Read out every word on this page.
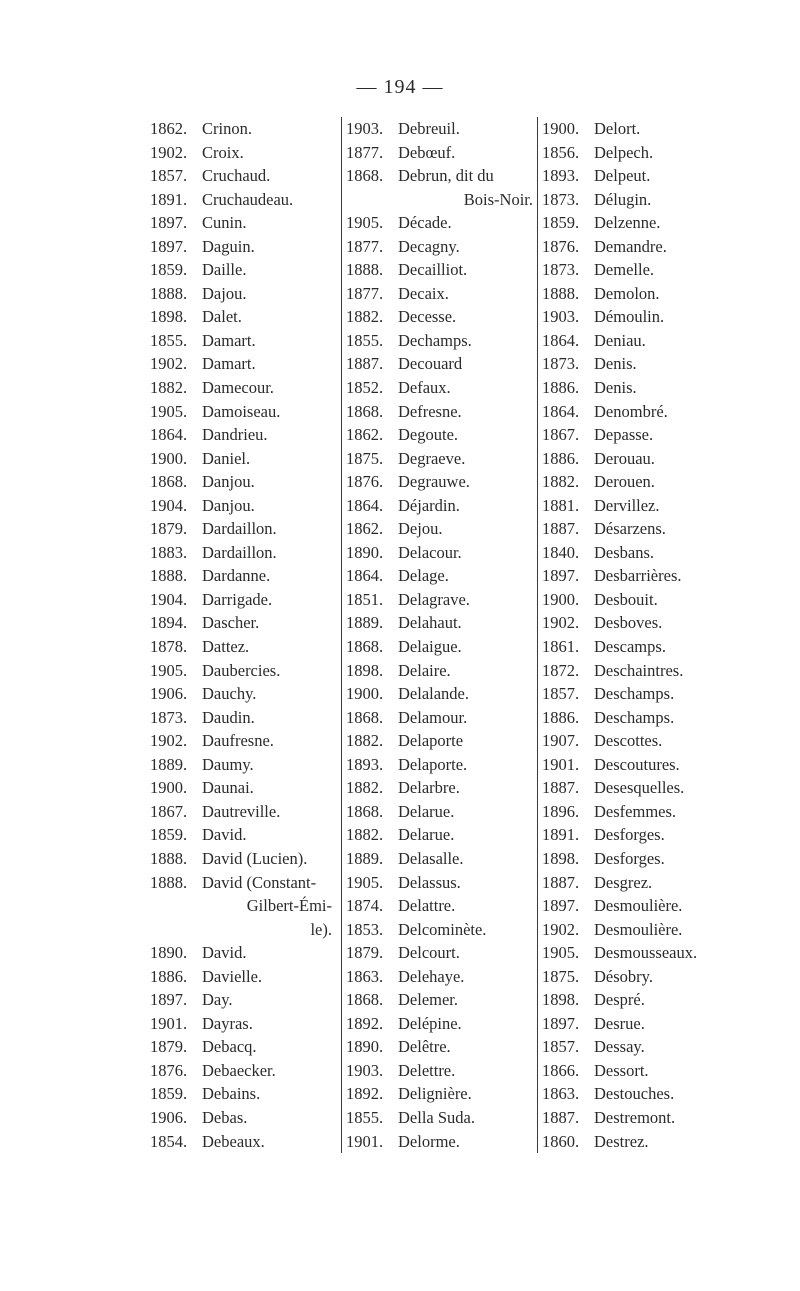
— 194 —
1862. Crinon.
1902. Croix.
1857. Cruchaud.
1891. Cruchaudeau.
1897. Cunin.
1897. Daguin.
1859. Daille.
1888. Dajou.
1898. Dalet.
1855. Damart.
1902. Damart.
1882. Damecour.
1905. Damoiseau.
1864. Dandrieu.
1900. Daniel.
1868. Danjou.
1904. Danjou.
1879. Dardaillon.
1883. Dardaillon.
1888. Dardanne.
1904. Darrigade.
1894. Dascher.
1878. Dattez.
1905. Daubercies.
1906. Dauchy.
1873. Daudin.
1902. Daufresne.
1889. Daumy.
1900. Daunai.
1867. Dautreville.
1859. David.
1888. David (Lucien).
1888. David (Constant-
Gilbert-Émi-
le).
1890. David.
1886. Davielle.
1897. Day.
1901. Dayras.
1879. Debacq.
1876. Debaecker.
1859. Debains.
1906. Debas.
1854. Debeaux.
1903. Debreuil.
1877. Debœuf.
1868. Debrun, dit du
Bois-Noir.
1905. Décade.
1877. Decagny.
1888. Decailliot.
1877. Decaix.
1882. Decesse.
1855. Dechamps.
1887. Decouard
1852. Defaux.
1868. Defresne.
1862. Degoute.
1875. Degraeve.
1876. Degrauwe.
1864. Déjardin.
1862. Dejou.
1890. Delacour.
1864. Delage.
1851. Delagrave.
1889. Delahaut.
1868. Delaigue.
1898. Delaire.
1900. Delalande.
1868. Delamour.
1882. Delaporte
1893. Delaporte.
1882. Delarbre.
1868. Delarue.
1882. Delarue.
1889. Delasalle.
1905. Delassus.
1874. Delattre.
1853. Delcominète.
1879. Delcourt.
1863. Delehaye.
1868. Delemer.
1892. Delépine.
1890. Delêtre.
1903. Delettre.
1892. Delignière.
1855. Della Suda.
1901. Delorme.
1900. Delort.
1856. Delpech.
1893. Delpeut.
1873. Délugin.
1859. Delzenne.
1876. Demandre.
1873. Demelle.
1888. Demolon.
1903. Démoulin.
1864. Deniau.
1873. Denis.
1886. Denis.
1864. Denombré.
1867. Depasse.
1886. Derouau.
1882. Derouen.
1881. Dervillez.
1887. Désarzens.
1840. Desbans.
1897. Desbarrières.
1900. Desbouit.
1902. Desboves.
1861. Descamps.
1872. Deschaintres.
1857. Deschamps.
1886. Deschamps.
1907. Descottes.
1901. Descoutures.
1887. Desesquelles.
1896. Desfemmes.
1891. Desforges.
1898. Desforges.
1887. Desgrez.
1897. Desmoulière.
1902. Desmoulière.
1905. Desmousseaux.
1875. Désobry.
1898. Despré.
1897. Desrue.
1857. Dessay.
1866. Dessort.
1863. Destouches.
1887. Destremont.
1860. Destrez.
